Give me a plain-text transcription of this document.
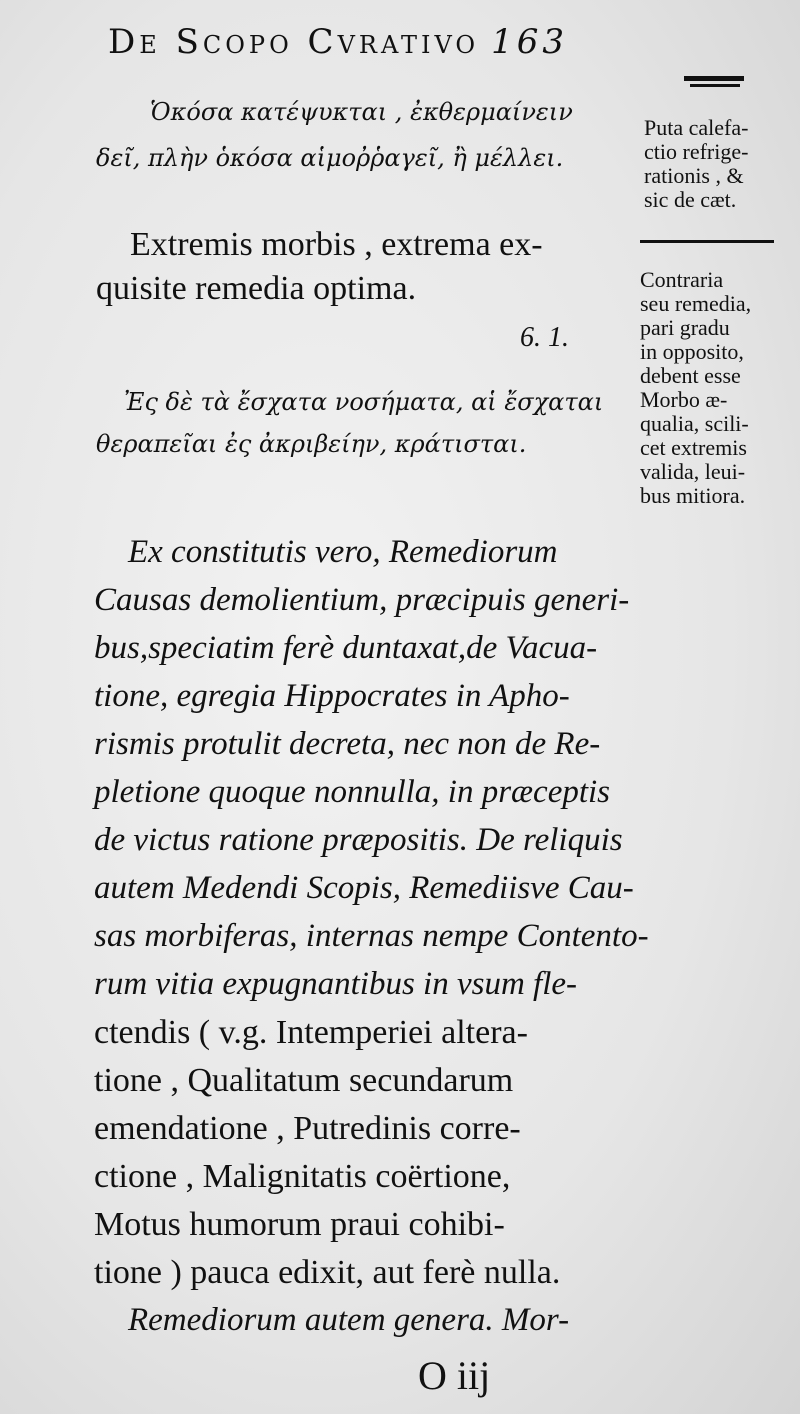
De Scopo Cvrativo 163
Ὁκόσα κατέψυκται , ἐκθερμαίνειν
δεῖ, πλὴν ὁκόσα αἱμοῤῥαγεῖ, ἢ μέλλει.
Puta calefa-
ctio refrige-
rationis , &
sic de cæt.
Extremis morbis , extrema ex-
quisite remedia optima.
6. 1.
Contraria
seu remedia,
pari gradu
in opposito,
debent esse
Morbo æ-
qualia, scili-
cet extremis
valida, leui-
bus mitiora.
Ἐς δὲ τὰ ἔσχατα νοσήματα, αἱ ἔσχαται
θεραπεῖαι ἐς ἀκριβείην, κράτισται.
Ex constitutis vero, Remediorum
Causas demolientium, præcipuis generi-
bus,speciatim ferè duntaxat,de Vacua-
tione, egregia Hippocrates in Apho-
rismis protulit decreta, nec non de Re-
pletione quoque nonnulla, in præceptis
de victus ratione præpositis. De reliquis
autem Medendi Scopis, Remediisve Cau-
sas morbiferas, internas nempe Contento-
rum vitia expugnantibus in vsum fle-
ctendis ( v.g. Intemperiei altera-
tione , Qualitatum secundarum
emendatione , Putredinis corre-
ctione , Malignitatis coërtione,
Motus humorum praui cohibi-
tione ) pauca edixit, aut ferè nulla.
Remediorum autem genera. Mor-
O iij
